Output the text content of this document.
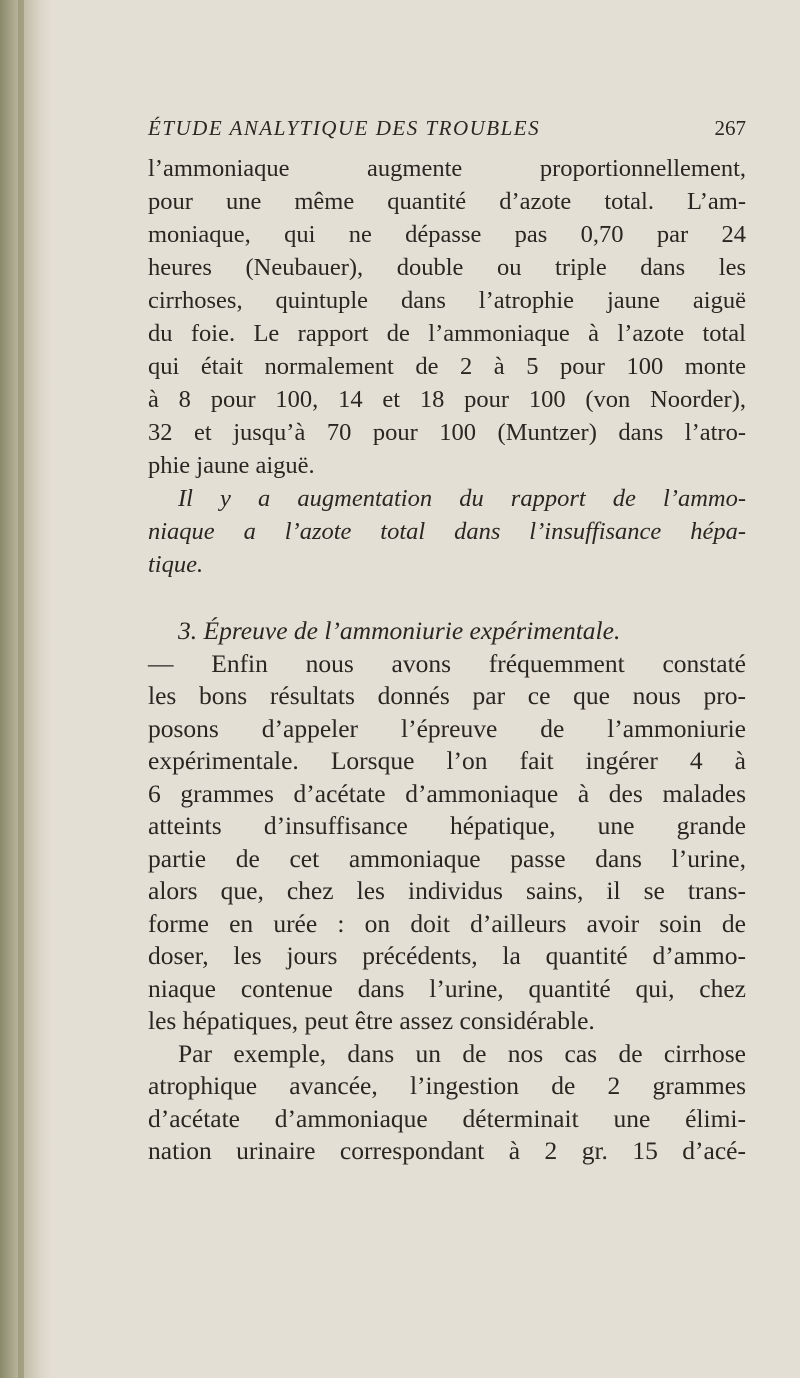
ÉTUDE ANALYTIQUE DES TROUBLES	267

l’ammoniaque augmente proportionnellement,
pour une même quantité d’azote total. L’am-
moniaque, qui ne dépasse pas 0,70 par 24
heures (Neubauer), double ou triple dans les
cirrhoses, quintuple dans l’atrophie jaune aiguë
du foie. Le rapport de l’ammoniaque à l’azote total
qui était normalement de 2 à 5 pour 100 monte
à 8 pour 100, 14 et 18 pour 100 (von Noorder),
32 et jusqu’à 70 pour 100 (Muntzer) dans l’atro-
phie jaune aiguë.

Il y a augmentation du rapport de l’ammo-
niaque a l’azote total dans l’insuffisance hépa-
tique.

3. Épreuve de l’ammoniurie expérimentale.
— Enfin nous avons fréquemment constaté
les bons résultats donnés par ce que nous pro-
posons d’appeler l’épreuve de l’ammoniurie
expérimentale. Lorsque l’on fait ingérer 4 à
6 grammes d’acétate d’ammoniaque à des malades
atteints d’insuffisance hépatique, une grande
partie de cet ammoniaque passe dans l’urine,
alors que, chez les individus sains, il se trans-
forme en urée : on doit d’ailleurs avoir soin de
doser, les jours précédents, la quantité d’ammo-
niaque contenue dans l’urine, quantité qui, chez
les hépatiques, peut être assez considérable.

Par exemple, dans un de nos cas de cirrhose
atrophique avancée, l’ingestion de 2 grammes
d’acétate d’ammoniaque déterminait une élimi-
nation urinaire correspondant à 2 gr. 15 d’acé-
